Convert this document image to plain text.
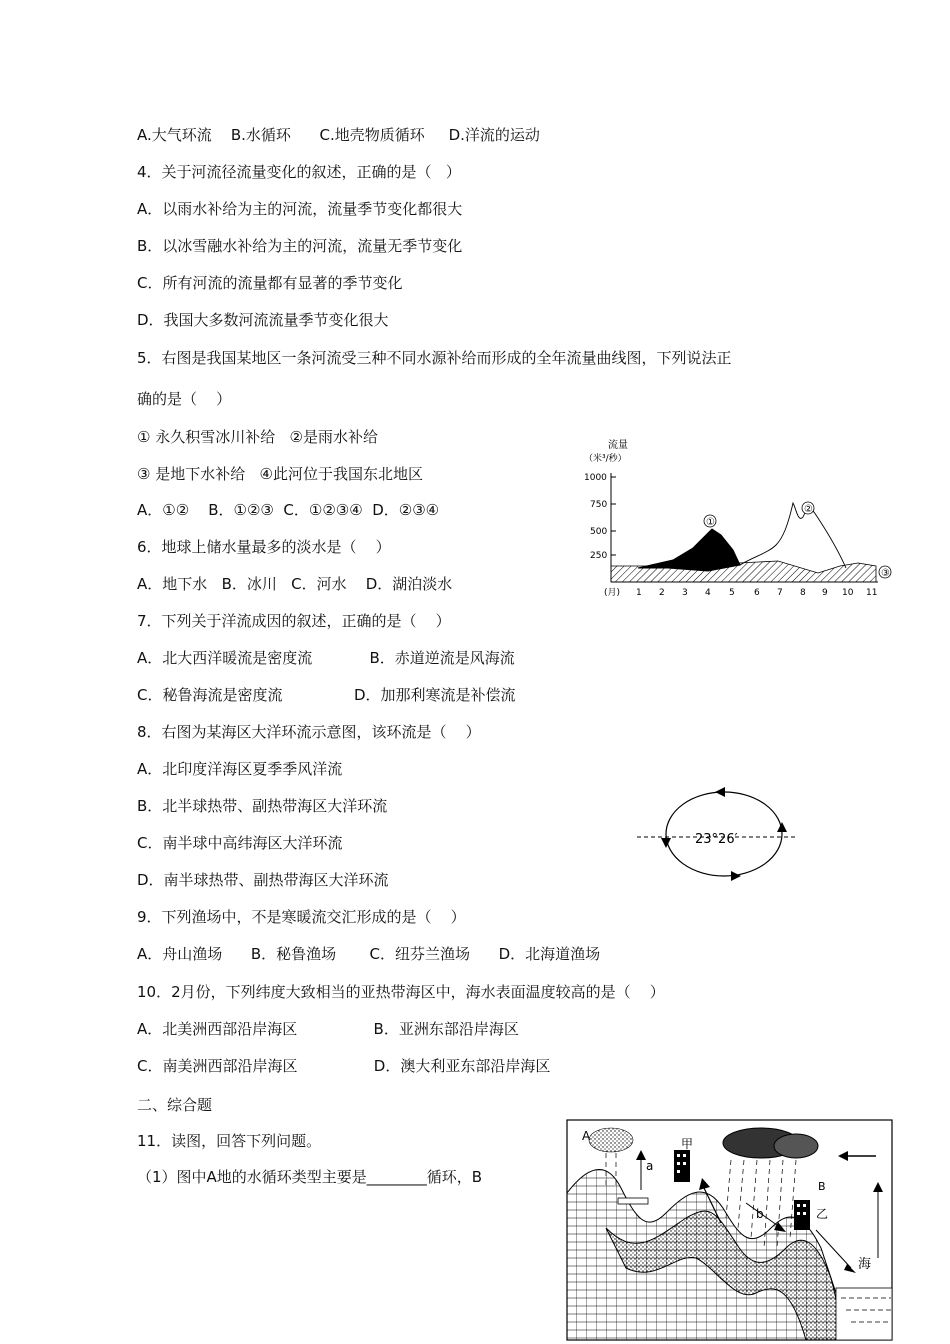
A.大气环流    B.水循环      C.地壳物质循环     D.洋流的运动
4．关于河流径流量变化的叙述，正确的是（   ）
A．以雨水补给为主的河流，流量季节变化都很大
B．以冰雪融水补给为主的河流，流量无季节变化
C．所有河流的流量都有显著的季节变化
D．我国大多数河流流量季节变化很大
5．右图是我国某地区一条河流受三种不同水源补给而形成的全年流量曲线图，下列说法正
确的是（    ）
① 永久积雪冰川补给   ②是雨水补给
③ 是地下水补给   ④此河位于我国东北地区
A．①②    B．①②③  C．①②③④  D．②③④
6．地球上储水量最多的淡水是（    ）
A．地下水   B．冰川   C．河水    D．湖泊淡水
7．下列关于洋流成因的叙述，正确的是（    ）
A．北大西洋暖流是密度流            B．赤道逆流是风海流
C．秘鲁海流是密度流               D．加那利寒流是补偿流
8．右图为某海区大洋环流示意图，该环流是（    ）
A．北印度洋海区夏季季风洋流
B．北半球热带、副热带海区大洋环流
C．南半球中高纬海区大洋环流
D．南半球热带、副热带海区大洋环流
9．下列渔场中，不是寒暖流交汇形成的是（    ）
A．舟山渔场      B．秘鲁渔场       C．纽芬兰渔场      D．北海道渔场
10．2月份，下列纬度大致相当的亚热带海区中，海水表面温度较高的是（    ）
A．北美洲西部沿岸海区                B．亚洲东部沿岸海区
C．南美洲西部沿岸海区                D．澳大利亚东部沿岸海区
二、综合题
11．读图，回答下列问题。
（1）图中A地的水循环类型主要是________循环，B
流量
（米³/秒）
1000
750
500
250
①
②
③
(月) 1 2 3 4 5 6 7 8 9 10 11
23°26′
A
a
甲
B
b	乙
海
